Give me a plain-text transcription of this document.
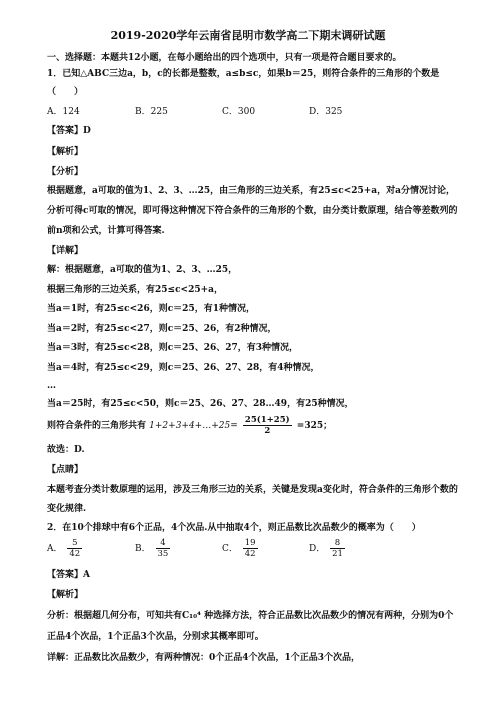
2019-2020学年云南省昆明市数学高二下期末调研试题
一、选择题：本题共12小题，在每小题给出的四个选项中，只有一项是符合题目要求的。
1．已知△ABC三边a，b，c的长都是整数，a≤b≤c，如果b＝25，则符合条件的三角形的个数是
（　　）
A．124	B．225	C．300	D．325
【答案】D
【解析】
【分析】
根据题意，a可取的值为1、2、3、…25，由三角形的三边关系，有25≤c<25+a，对a分情况讨论，
分析可得c可取的情况，即可得这种情况下符合条件的三角形的个数，由分类计数原理，结合等差数列的
前n项和公式，计算可得答案.
【详解】
解：根据题意，a可取的值为1、2、3、…25，
根据三角形的三边关系，有25≤c<25+a，
当a＝1时，有25≤c<26，则c＝25，有1种情况，
当a＝2时，有25≤c<27，则c＝25、26，有2种情况，
当a＝3时，有25≤c<28，则c＝25、26、27，有3种情况，
当a＝4时，有25≤c<29，则c＝25、26、27、28，有4种情况，
…
当a＝25时，有25≤c<50，则c＝25、26、27、28…49，有25种情况，
则符合条件的三角形共有 1+2+3+4+…+25= $\frac{25(1+25)}{2} =325$；
故选：D.
【点睛】
本题考查分类计数原理的运用，涉及三角形三边的关系，关键是发现a变化时，符合条件的三角形个数的
变化规律.
2．在10个排球中有6个正品，4个次品.从中抽取4个，则正品数比次品数少的概率为（　　）
A． $\frac{5}{42}$	B． $\frac{4}{35}$	C． $\frac{19}{42}$	D． $\frac{8}{21}$
【答案】A
【解析】
分析：根据超几何分布，可知共有C₁₀⁴ 种选择方法，符合正品数比次品数少的情况有两种，分别为0个
正品4个次品，1个正品3个次品，分别求其概率即可。
详解：正品数比次品数少，有两种情况：0个正品4个次品，1个正品3个次品，
